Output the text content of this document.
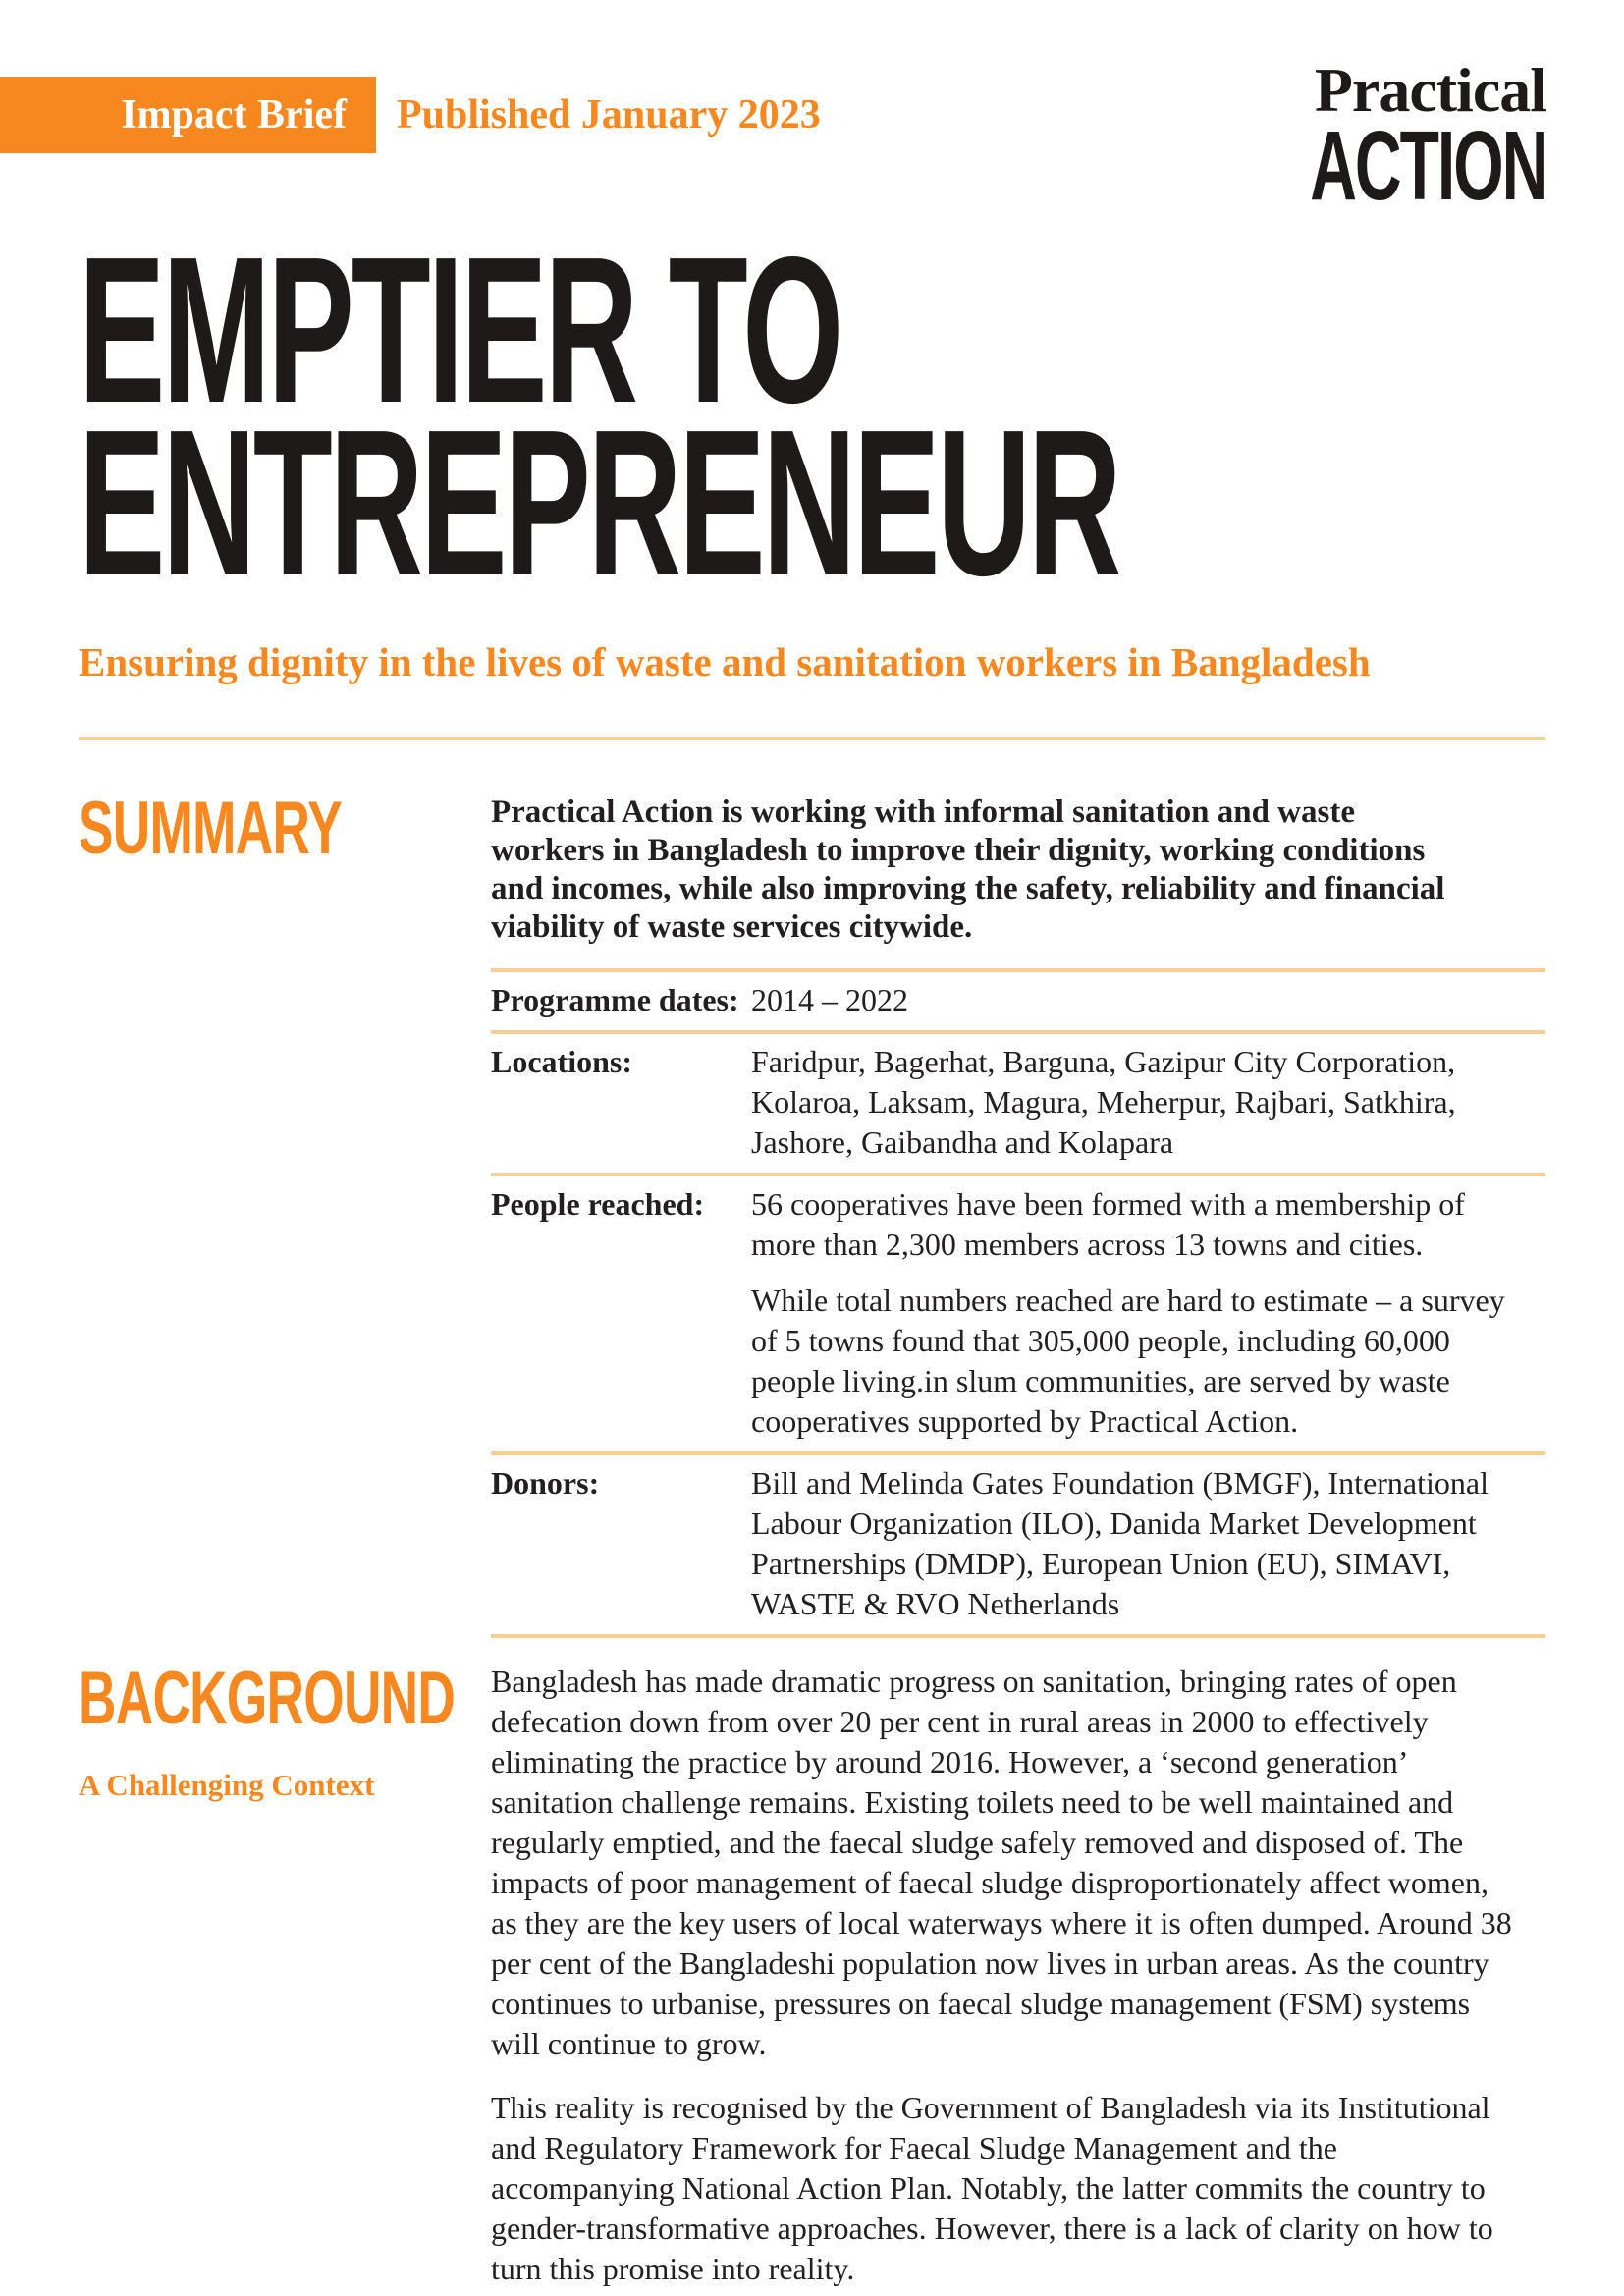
Impact Brief Published January 2023	Practical
ACTION
EMPTIER TO
ENTREPRENEUR
Ensuring dignity in the lives of waste and sanitation workers in Bangladesh
SUMMARY	Practical Action is working with informal sanitation and waste workers in Bangladesh to improve their dignity, working conditions and incomes, while also improving the safety, reliability and financial viability of waste services citywide.

Programme dates: 2014 – 2022

Locations:	Faridpur, Bagerhat, Barguna, Gazipur City Corporation, Kolaroa, Laksam, Magura, Meherpur, Rajbari, Satkhira, Jashore, Gaibandha and Kolapara

People reached:	56 cooperatives have been formed with a membership of more than 2,300 members across 13 towns and cities.

While total numbers reached are hard to estimate – a survey of 5 towns found that 305,000 people, including 60,000 people living.in slum communities, are served by waste cooperatives supported by Practical Action.

Donors:	Bill and Melinda Gates Foundation (BMGF), International Labour Organization (ILO), Danida Market Development Partnerships (DMDP), European Union (EU), SIMAVI, WASTE & RVO Netherlands

BACKGROUND
A Challenging Context

Bangladesh has made dramatic progress on sanitation, bringing rates of open defecation down from over 20 per cent in rural areas in 2000 to effectively eliminating the practice by around 2016. However, a ‘second generation’ sanitation challenge remains. Existing toilets need to be well maintained and regularly emptied, and the faecal sludge safely removed and disposed of. The impacts of poor management of faecal sludge disproportionately affect women, as they are the key users of local waterways where it is often dumped. Around 38 per cent of the Bangladeshi population now lives in urban areas. As the country continues to urbanise, pressures on faecal sludge management (FSM) systems will continue to grow.

This reality is recognised by the Government of Bangladesh via its Institutional and Regulatory Framework for Faecal Sludge Management and the accompanying National Action Plan. Notably, the latter commits the country to gender-transformative approaches. However, there is a lack of clarity on how to turn this promise into reality.
